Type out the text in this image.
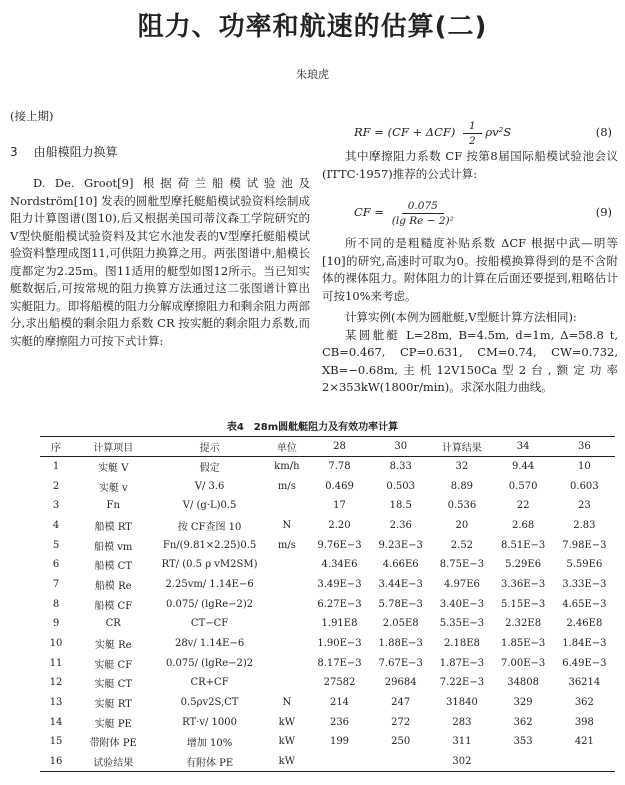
阻力、功率和航速的估算(二)
朱琅虎
(接上期)
3 由船模阻力换算

D. De. Groot[9] 根据荷兰船模试验池及 Nordström[10] 发表的圆舭型摩托艇船模试验资料绘制成阻力计算图谱(图10),后又根据美国司蒂汶森工学院研究的V型快艇船模试验资料及其它水池发表的V型摩托艇船模试验资料整理成图11,可供阻力换算之用。两张图谱中,船模长度都定为2.25m。图11适用的艇型如图12所示。当已知实艇数据后,可按常规的阻力换算方法通过这二张图谱计算出实艇阻力。即将船模的阻力分解成摩擦阻力和剩余阻力两部分,求出船模的剩余阻力系数 CR 按实艇的剩余阻力系数,而实艇的摩擦阻力可按下式计算:

RF = $(CF + \Delta CF) \frac{1}{2} \rho v^2S$	(8)

其中摩擦阻力系数 CF 按第8届国际船模试验池会议(ITTC·1957)推荐的公式计算:

CF = $\frac{0.075}{\text{(lg Re − 2)²}}$	(9)

所不同的是粗糙度补贴系数 ΔCF 根据中武—明等[10]的研究,高速时可取为0。按船模换算得到的是不含附体的裸体阻力。附体阻力的计算在后面还要提到,粗略估计可按10%来考虑。

计算实例(本例为圆舭艇,V型艇计算方法相同):

某圆舭艇 L=28m, B=4.5m, d=1m, Δ=58.8 t, CB=0.467, CP=0.631, CM=0.74, CW=0.732, XB=−0.68m,主机12V150Ca型2台,额定功率2×353kW(1800r/min)。求深水阻力曲线。

表4　28m圆舭艇阻力及有效功率计算
序	计算项目	提示	单位	28	30	计算结果	34	36
1	实艇 V	假定	km/h	7.78	8.33	32	9.44	10
2	实艇 v	V/ 3.6	m/s	0.469	0.503	8.89	0.570	0.603
3	Fn	V/ (g·L)0.5		17	18.5	0.536	22	23
4	船模 RT	按 CF查图 10	N	2.20	2.36	20	2.68	2.83
5	船模 vm	Fn/(9.81×2.25)0.5	m/s	9.76E−3	9.23E−3	2.52	8.51E−3	7.98E−3
6	船模 CT	RT/ (0.5 ρ vM2SM)		4.34E6	4.66E6	8.75E−3	5.29E6	5.59E6
7	船模 Re	2.25vm/ 1.14E−6		3.49E−3	3.44E−3	4.97E6	3.36E−3	3.33E−3
8	船模 CF	0.075/ (lgRe−2)2		6.27E−3	5.78E−3	3.40E−3	5.15E−3	4.65E−3
9	CR	CT−CF		1.91E8	2.05E8	5.35E−3	2.32E8	2.46E8
10	实艇 Re	28v/ 1.14E−6		1.90E−3	1.88E−3	2.18E8	1.85E−3	1.84E−3
11	实艇 CF	0.075/ (lgRe−2)2		8.17E−3	7.67E−3	1.87E−3	7.00E−3	6.49E−3
12	实艇 CT	CR+CF		27582	29684	7.22E−3	34808	36214
13	实艇 RT	0.5ρv2S,CT	N	214	247	31840	329	362
14	实艇 PE	RT·v/ 1000	kW	236	272	283	362	398
15	带附体 PE	增加 10%	kW	199	250	311	353	421
16	试验结果	有附体 PE	kW			302		
